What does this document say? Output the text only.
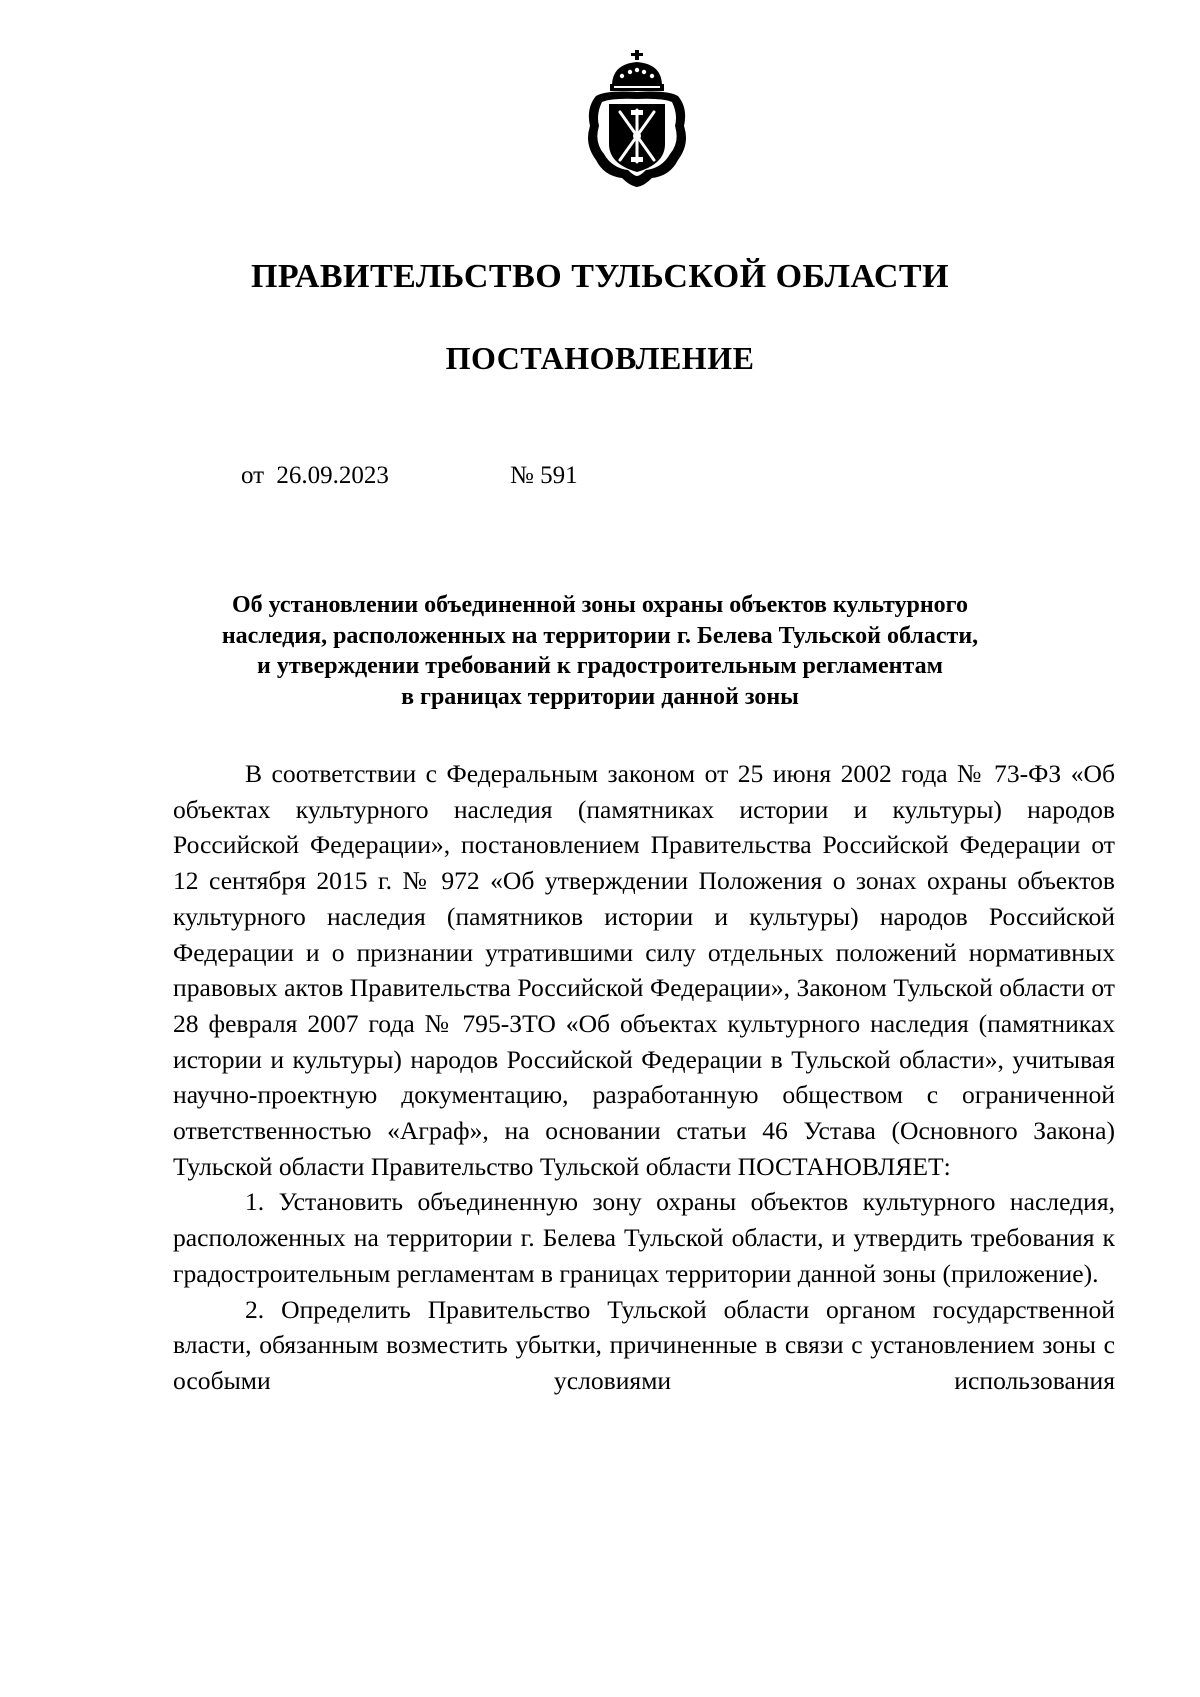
ПРАВИТЕЛЬСТВО ТУЛЬСКОЙ ОБЛАСТИ
ПОСТАНОВЛЕНИЕ
от 26.09.2023	№ 591
Об установлении объединенной зоны охраны объектов культурного
наследия, расположенных на территории г. Белева Тульской области,
и утверждении требований к градостроительным регламентам
в границах территории данной зоны

В соответствии с Федеральным законом от 25 июня 2002 года № 73-ФЗ «Об объектах культурного наследия (памятниках истории и культуры) народов Российской Федерации», постановлением Правительства Российской Федерации от 12 сентября 2015 г. № 972 «Об утверждении Положения о зонах охраны объектов культурного наследия (памятников истории и культуры) народов Российской Федерации и о признании утратившими силу отдельных положений нормативных правовых актов Правительства Российской Федерации», Законом Тульской области от 28 февраля 2007 года № 795-ЗТО «Об объектах культурного наследия (памятниках истории и культуры) народов Российской Федерации в Тульской области», учитывая научно-проектную документацию, разработанную обществом с ограниченной ответственностью «Аграф», на основании статьи 46 Устава (Основного Закона) Тульской области Правительство Тульской области ПОСТАНОВЛЯЕТ:

1. Установить объединенную зону охраны объектов культурного наследия, расположенных на территории г. Белева Тульской области, и утвердить требования к градостроительным регламентам в границах территории данной зоны (приложение).

2. Определить Правительство Тульской области органом государственной власти, обязанным возместить убытки, причиненные в связи с установлением зоны с особыми условиями использования
